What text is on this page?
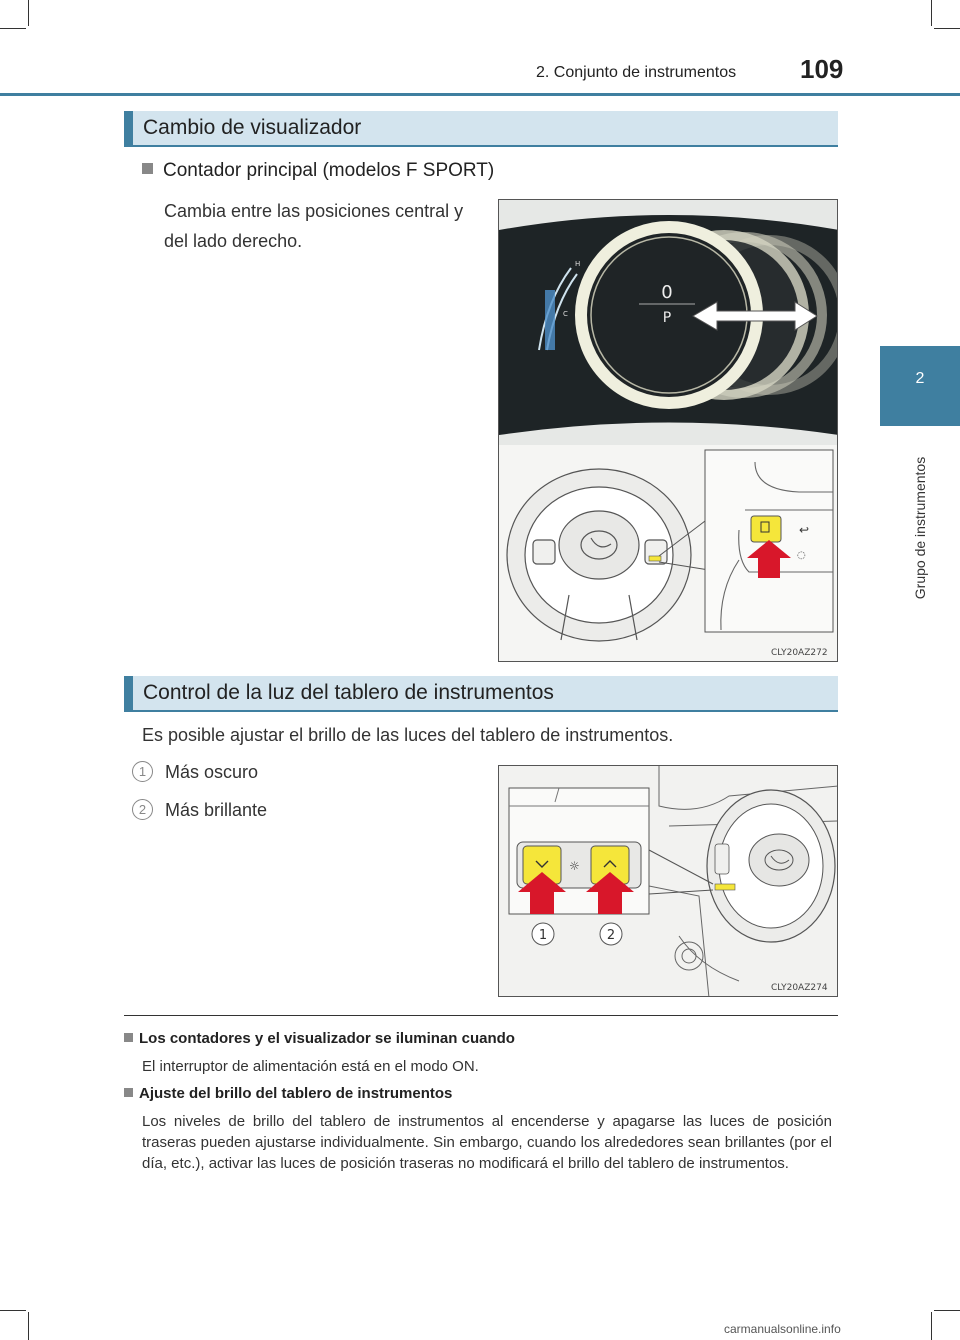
2. Conjunto de instrumentos 109
2
Grupo de instrumentos
Cambio de visualizador
Contador principal (modelos F SPORT)
Cambia entre las posiciones central y del lado derecho.
H
C
0
P
↩
◌
CLY20AZ272
Control de la luz del tablero de instrumentos
Es posible ajustar el brillo de las luces del tablero de instrumentos.
1 Más oscuro
2 Más brillante
☼
1	2
CLY20AZ274
Los contadores y el visualizador se iluminan cuando
El interruptor de alimentación está en el modo ON.
Ajuste del brillo del tablero de instrumentos
Los niveles de brillo del tablero de instrumentos al encenderse y apagarse las luces de posición traseras pueden ajustarse individualmente. Sin embargo, cuando los alrededores sean brillantes (por el día, etc.), activar las luces de posición traseras no modificará el brillo del tablero de instrumentos.
carmanualsonline.info
